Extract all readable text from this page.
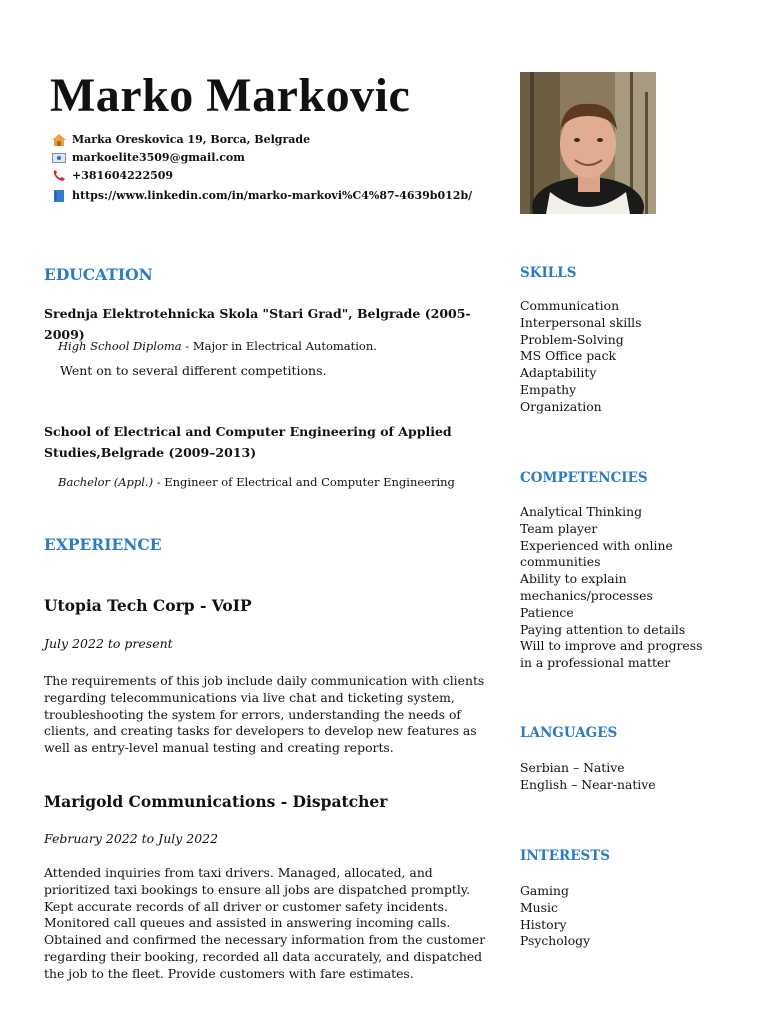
Marko Markovic
Marka Oreskovica 19, Borca, Belgrade
markoelite3509@gmail.com
+381604222509
https://www.linkedin.com/in/marko-markovi%C4%87-4639b012b/
EDUCATION
Srednja Elektrotehnicka Skola "Stari Grad", Belgrade (2005-2009)
High School Diploma - Major in Electrical Automation.
Went on to several different competitions.
School of Electrical and Computer Engineering of Applied Studies,Belgrade (2009–2013)
Bachelor (Appl.) - Engineer of Electrical and Computer Engineering
EXPERIENCE
Utopia Tech Corp - VoIP
July 2022 to present
The requirements of this job include daily communication with clients regarding telecommunications via live chat and ticketing system, troubleshooting the system for errors, understanding the needs of clients, and creating tasks for developers to develop new features as well as entry-level manual testing and creating reports.
Marigold Communications - Dispatcher
February 2022 to July 2022
Attended inquiries from taxi drivers. Managed, allocated, and prioritized taxi bookings to ensure all jobs are dispatched promptly. Kept accurate records of all driver or customer safety incidents. Monitored call queues and assisted in answering incoming calls. Obtained and confirmed the necessary information from the customer regarding their booking, recorded all data accurately, and dispatched the job to the fleet. Provide customers with fare estimates.
SKILLS
Communication
Interpersonal skills
Problem-Solving
MS Office pack
Adaptability
Empathy
Organization
COMPETENCIES
Analytical Thinking
Team player
Experienced with online
communities
Ability to explain
mechanics/processes
Patience
Paying attention to details
Will to improve and progress
in a professional matter
LANGUAGES
Serbian – Native
English – Near-native
INTERESTS
Gaming
Music
History
Psychology
